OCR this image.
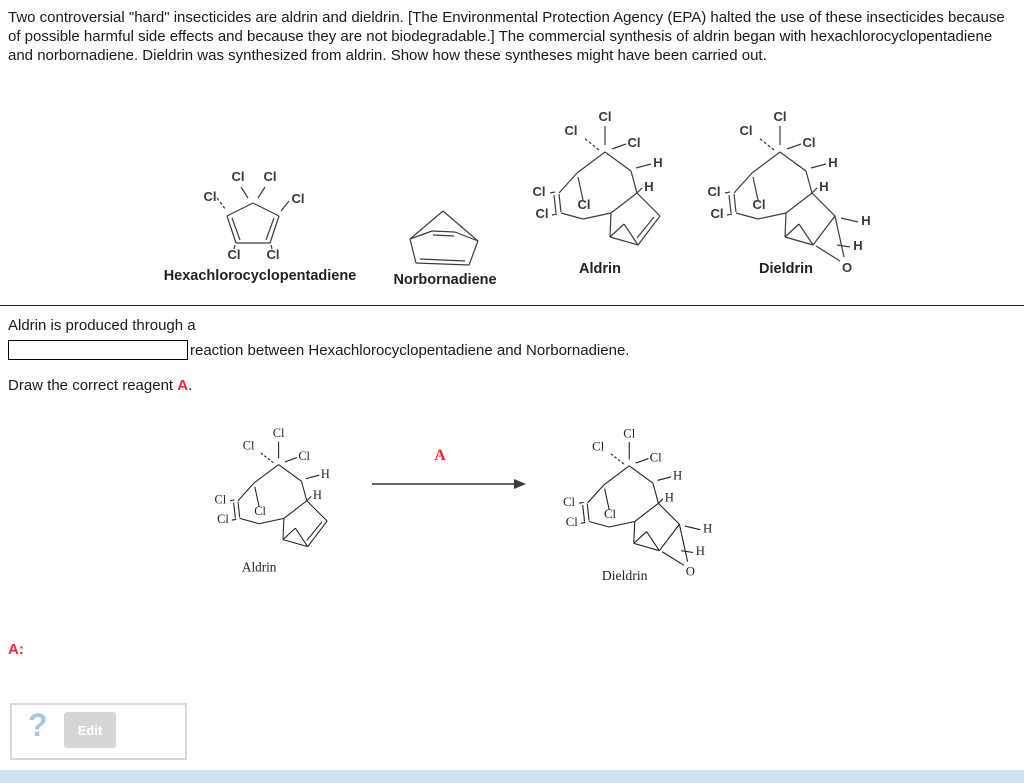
Two controversial "hard" insecticides are aldrin and dieldrin. [The Environmental Protection Agency (EPA) halted the use of these insecticides because of possible harmful side effects and because they are not biodegradable.] The commercial synthesis of aldrin began with hexachlorocyclopentadiene and norbornadiene. Dieldrin was synthesized from aldrin. Show how these syntheses might have been carried out.
Cl Cl
Cl	Cl
Cl Cl
Hexachlorocyclopentadiene	Norbornadiene
Cl
Cl
Cl
Cl
Cl
Cl
H
H
Aldrin
Cl
Cl
Cl
Cl
Cl
Cl
H
H
H
H
O
Dieldrin
Aldrin is produced through a
reaction between Hexachlorocyclopentadiene and Norbornadiene.
Draw the correct reagent A.
Cl
Cl
Cl
Cl
Cl
Cl
H
H
Aldrin
A
Cl
Cl
Cl
Cl
Cl
Cl
H
H
H
H
O
Dieldrin
A:
?	Edit
